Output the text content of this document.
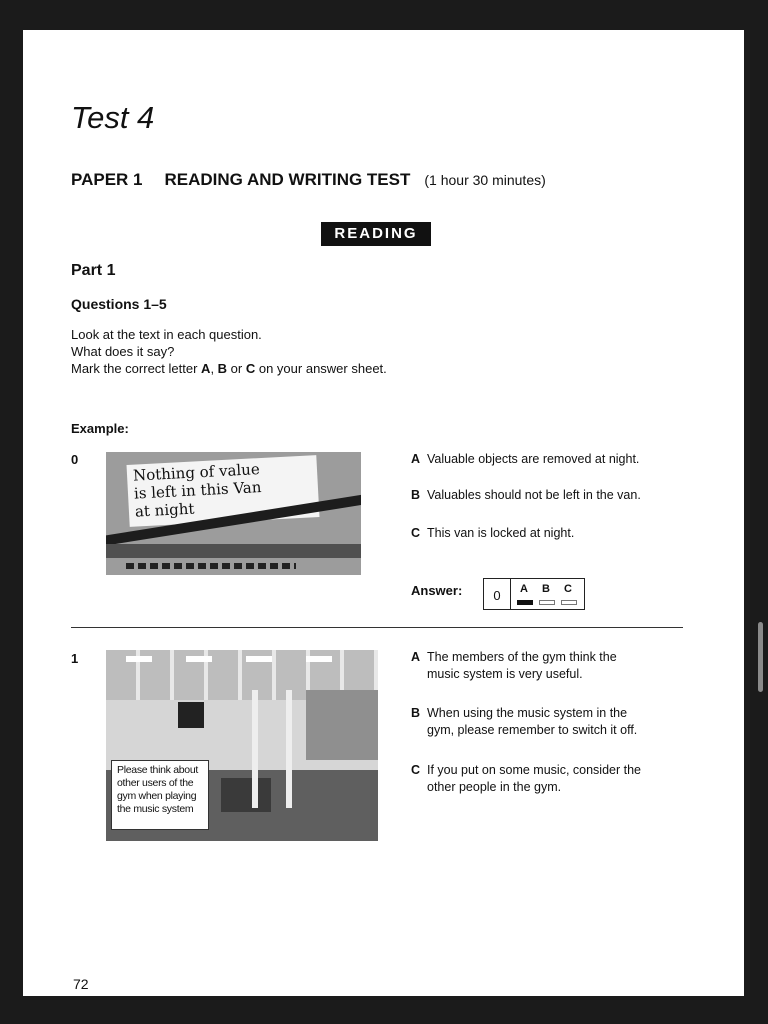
Test 4
PAPER 1 READING AND WRITING TEST (1 hour 30 minutes)
READING
Part 1
Questions 1–5
Look at the text in each question.
What does it say?
Mark the correct letter A, B or C on your answer sheet.
Example:
0
Nothing of value
is left in this Van
at night
A Valuable objects are removed at night.
B Valuables should not be left in the van.
C This van is locked at night.
Answer:	0	A B C
1
Please think about
other users of the
gym when playing
the music system
A The members of the gym think the
music system is very useful.
B When using the music system in the
gym, please remember to switch it off.
C If you put on some music, consider the
other people in the gym.
72
